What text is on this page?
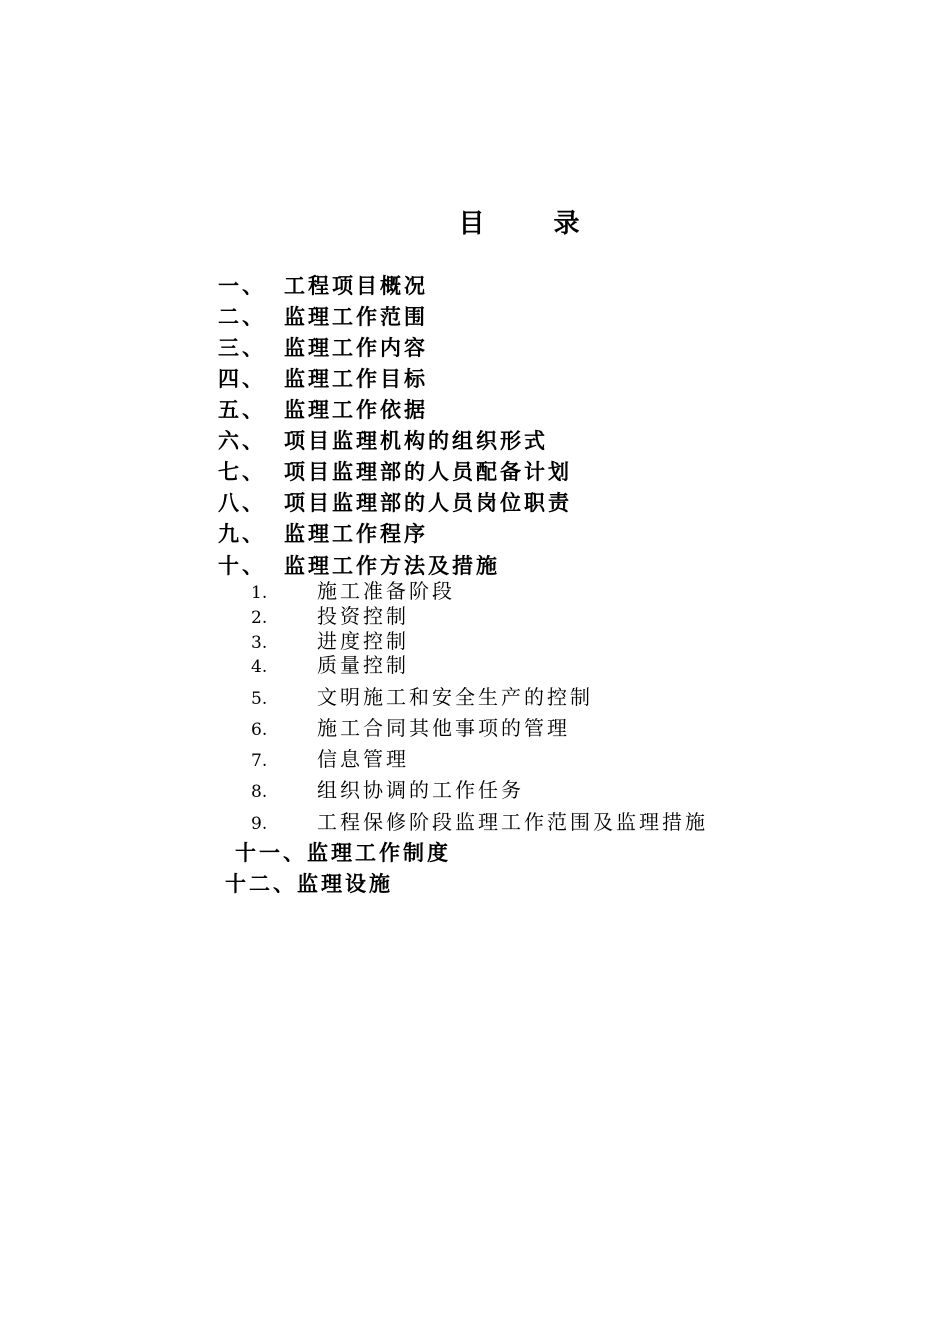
目 录
一、 工程项目概况
二、 监理工作范围
三、 监理工作内容
四、 监理工作目标
五、 监理工作依据
六、 项目监理机构的组织形式
七、 项目监理部的人员配备计划
八、 项目监理部的人员岗位职责
九、 监理工作程序
十、 监理工作方法及措施
1. 施工准备阶段
2. 投资控制
3. 进度控制
4. 质量控制
5. 文明施工和安全生产的控制
6. 施工合同其他事项的管理
7. 信息管理
8. 组织协调的工作任务
9. 工程保修阶段监理工作范围及监理措施
十一、监理工作制度
十二、监理设施
